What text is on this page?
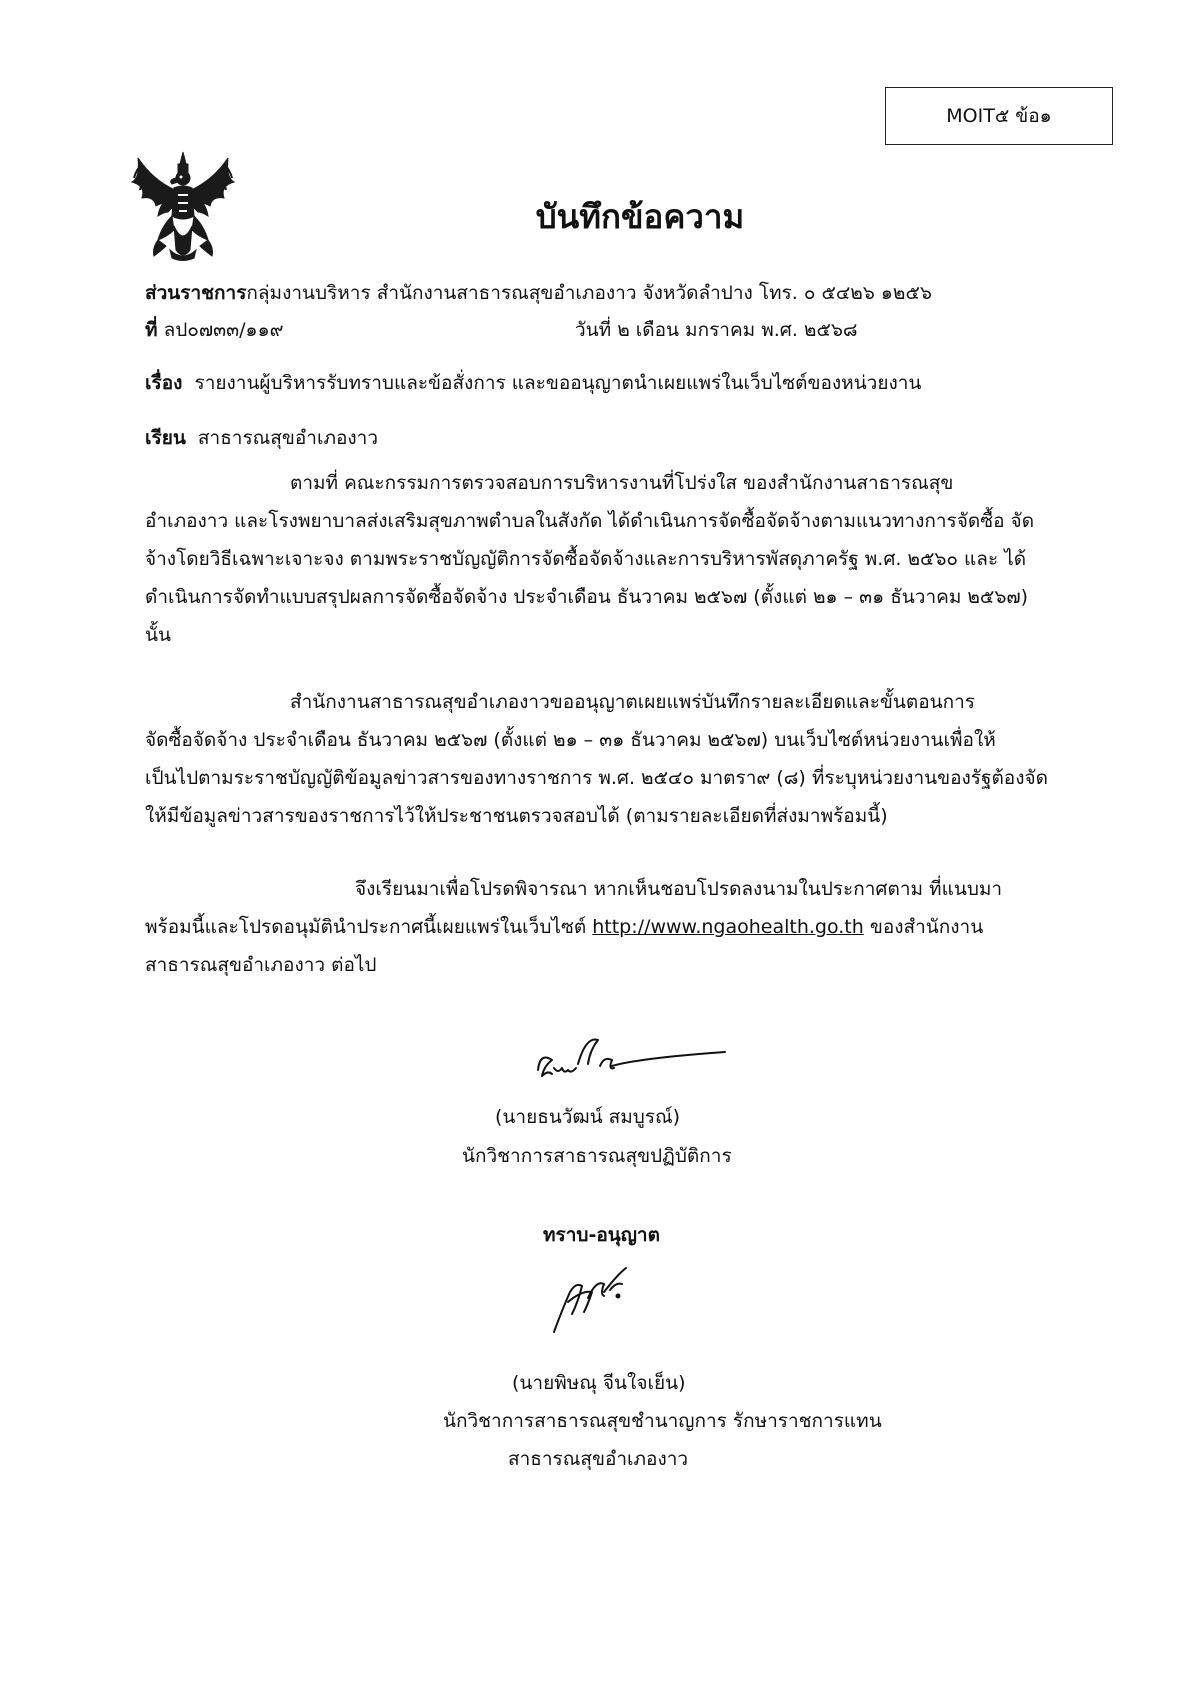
MOIT๕ ข้อ๑
บันทึกข้อความ
ส่วนราชการกลุ่มงานบริหาร สำนักงานสาธารณสุขอำเภองาว จังหวัดลำปาง โทร. ๐ ๕๔๒๖ ๑๒๕๖
ที่ ลป๐๗๓๓/๑๑๙	วันที่ ๒ เดือน มกราคม พ.ศ. ๒๕๖๘
เรื่อง รายงานผู้บริหารรับทราบและข้อสั่งการ และขออนุญาตนำเผยแพร่ในเว็บไซต์ของหน่วยงาน
เรียน สาธารณสุขอำเภองาว
ตามที่ คณะกรรมการตรวจสอบการบริหารงานที่โปร่งใส ของสำนักงานสาธารณสุข
อำเภองาว และโรงพยาบาลส่งเสริมสุขภาพตำบลในสังกัด ได้ดำเนินการจัดซื้อจัดจ้างตามแนวทางการจัดซื้อ จัด
จ้างโดยวิธีเฉพาะเจาะจง ตามพระราชบัญญัติการจัดซื้อจัดจ้างและการบริหารพัสดุภาครัฐ พ.ศ. ๒๕๖๐ และ ได้
ดำเนินการจัดทำแบบสรุปผลการจัดซื้อจัดจ้าง ประจำเดือน ธันวาคม ๒๕๖๗ (ตั้งแต่ ๒๑ – ๓๑ ธันวาคม ๒๕๖๗)
นั้น
สำนักงานสาธารณสุขอำเภองาวขออนุญาตเผยแพร่บันทึกรายละเอียดและขั้นตอนการ
จัดซื้อจัดจ้าง ประจำเดือน ธันวาคม ๒๕๖๗ (ตั้งแต่ ๒๑ – ๓๑ ธันวาคม ๒๕๖๗) บนเว็บไซต์หน่วยงานเพื่อให้
เป็นไปตามระราชบัญญัติข้อมูลข่าวสารของทางราชการ พ.ศ. ๒๕๔๐ มาตรา๙ (๘) ที่ระบุหน่วยงานของรัฐต้องจัด
ให้มีข้อมูลข่าวสารของราชการไว้ให้ประชาชนตรวจสอบได้ (ตามรายละเอียดที่ส่งมาพร้อมนี้)
จึงเรียนมาเพื่อโปรดพิจารณา หากเห็นชอบโปรดลงนามในประกาศตาม ที่แนบมา
พร้อมนี้และโปรดอนุมัตินำประกาศนี้เผยแพร่ในเว็บไซต์ http://www.ngaohealth.go.th ของสำนักงาน
สาธารณสุขอำเภองาว ต่อไป
(นายธนวัฒน์ สมบูรณ์)
นักวิชาการสาธารณสุขปฏิบัติการ
ทราบ-อนุญาต
(นายพิษณุ จีนใจเย็น)
นักวิชาการสาธารณสุขชำนาญการ รักษาราชการแทน
สาธารณสุขอำเภองาว
